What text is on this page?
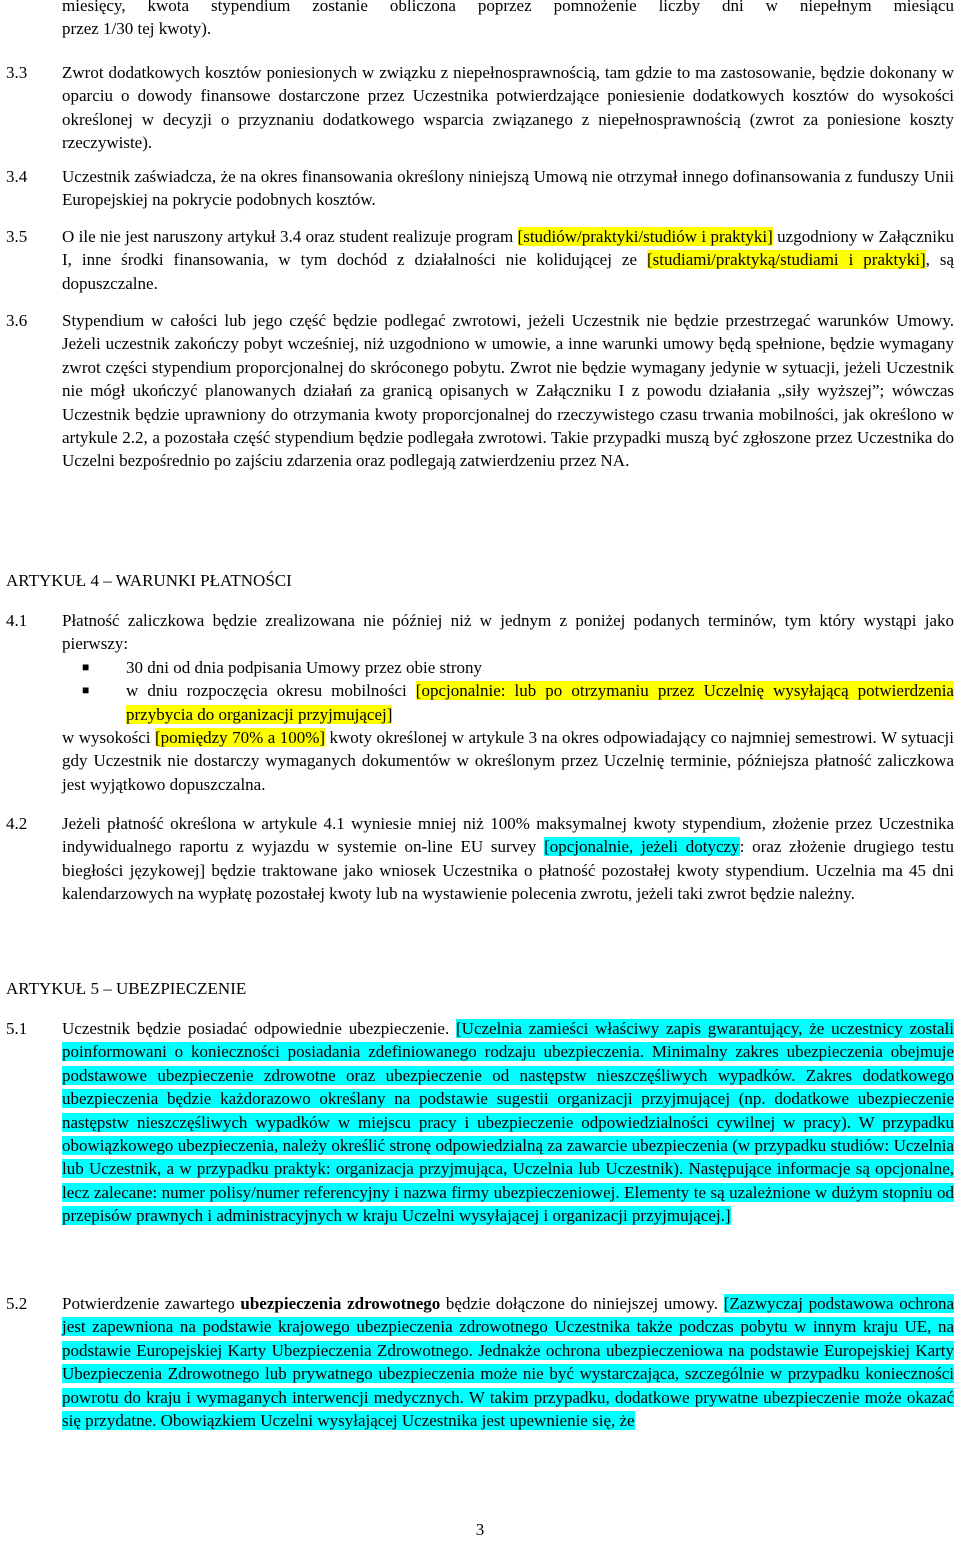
miesięcy, kwota stypendium zostanie obliczona poprzez pomnożenie liczby dni w niepełnym miesiącu
przez 1/30 tej kwoty).
3.3	Zwrot dodatkowych kosztów poniesionych w związku z niepełnosprawnością, tam gdzie to ma zastosowanie, będzie dokonany w oparciu o dowody finansowe dostarczone przez Uczestnika potwierdzające poniesienie dodatkowych kosztów do wysokości określonej w decyzji o przyznaniu dodatkowego wsparcia związanego z niepełnosprawnością (zwrot za poniesione koszty rzeczywiste).
3.4	Uczestnik zaświadcza, że na okres finansowania określony niniejszą Umową nie otrzymał innego dofinansowania z funduszy Unii Europejskiej na pokrycie podobnych kosztów.
3.5	O ile nie jest naruszony artykuł 3.4 oraz student realizuje program [studiów/praktyki/studiów i praktyki] uzgodniony w Załączniku I, inne środki finansowania, w tym dochód z działalności nie kolidującej ze [studiami/praktyką/studiami i praktyki], są dopuszczalne.
3.6	Stypendium w całości lub jego część będzie podlegać zwrotowi, jeżeli Uczestnik nie będzie przestrzegać warunków Umowy. Jeżeli uczestnik zakończy pobyt wcześniej, niż uzgodniono w umowie, a inne warunki umowy będą spełnione, będzie wymagany zwrot części stypendium proporcjonalnej do skróconego pobytu. Zwrot nie będzie wymagany jedynie w sytuacji, jeżeli Uczestnik nie mógł ukończyć planowanych działań za granicą opisanych w Załączniku I z powodu działania „siły wyższej”; wówczas Uczestnik będzie uprawniony do otrzymania kwoty proporcjonalnej do rzeczywistego czasu trwania mobilności, jak określono w artykule 2.2, a pozostała część stypendium będzie podlegała zwrotowi. Takie przypadki muszą być zgłoszone przez Uczestnika do Uczelni bezpośrednio po zajściu zdarzenia oraz podlegają zatwierdzeniu przez NA.
ARTYKUŁ 4 – WARUNKI PŁATNOŚCI
4.1	Płatność zaliczkowa będzie zrealizowana nie później niż w jednym z poniżej podanych terminów, tym który wystąpi jako pierwszy:
■	30 dni od dnia podpisania Umowy przez obie strony
■	w dniu rozpoczęcia okresu mobilności [opcjonalnie: lub po otrzymaniu przez Uczelnię wysyłającą potwierdzenia przybycia do organizacji przyjmującej]
w wysokości [pomiędzy 70% a 100%] kwoty określonej w artykule 3 na okres odpowiadający co najmniej semestrowi. W sytuacji gdy Uczestnik nie dostarczy wymaganych dokumentów w określonym przez Uczelnię terminie, późniejsza płatność zaliczkowa jest wyjątkowo dopuszczalna.
4.2	Jeżeli płatność określona w artykule 4.1 wyniesie mniej niż 100% maksymalnej kwoty stypendium, złożenie przez Uczestnika indywidualnego raportu z wyjazdu w systemie on-line EU survey [opcjonalnie, jeżeli dotyczy: oraz złożenie drugiego testu biegłości językowej] będzie traktowane jako wniosek Uczestnika o płatność pozostałej kwoty stypendium. Uczelnia ma 45 dni kalendarzowych na wypłatę pozostałej kwoty lub na wystawienie polecenia zwrotu, jeżeli taki zwrot będzie należny.
ARTYKUŁ 5 – UBEZPIECZENIE
5.1	Uczestnik będzie posiadać odpowiednie ubezpieczenie. [Uczelnia zamieści właściwy zapis gwarantujący, że uczestnicy zostali poinformowani o konieczności posiadania zdefiniowanego rodzaju ubezpieczenia. Minimalny zakres ubezpieczenia obejmuje podstawowe ubezpieczenie zdrowotne oraz ubezpieczenie od następstw nieszczęśliwych wypadków. Zakres dodatkowego ubezpieczenia będzie każdorazowo określany na podstawie sugestii organizacji przyjmującej (np. dodatkowe ubezpieczenie następstw nieszczęśliwych wypadków w miejscu pracy i ubezpieczenie odpowiedzialności cywilnej w pracy). W przypadku obowiązkowego ubezpieczenia, należy określić stronę odpowiedzialną za zawarcie ubezpieczenia (w przypadku studiów: Uczelnia lub Uczestnik, a w przypadku praktyk: organizacja przyjmująca, Uczelnia lub Uczestnik). Następujące informacje są opcjonalne, lecz zalecane: numer polisy/numer referencyjny i nazwa firmy ubezpieczeniowej. Elementy te są uzależnione w dużym stopniu od przepisów prawnych i administracyjnych w kraju Uczelni wysyłającej i organizacji przyjmującej.]
5.2	Potwierdzenie zawartego ubezpieczenia zdrowotnego będzie dołączone do niniejszej umowy. [Zazwyczaj podstawowa ochrona jest zapewniona na podstawie krajowego ubezpieczenia zdrowotnego Uczestnika także podczas pobytu w innym kraju UE, na podstawie Europejskiej Karty Ubezpieczenia Zdrowotnego. Jednakże ochrona ubezpieczeniowa na podstawie Europejskiej Karty Ubezpieczenia Zdrowotnego lub prywatnego ubezpieczenia może nie być wystarczająca, szczególnie w przypadku konieczności powrotu do kraju i wymaganych interwencji medycznych. W takim przypadku, dodatkowe prywatne ubezpieczenie może okazać się przydatne. Obowiązkiem Uczelni wysyłającej Uczestnika jest upewnienie się, że
3
